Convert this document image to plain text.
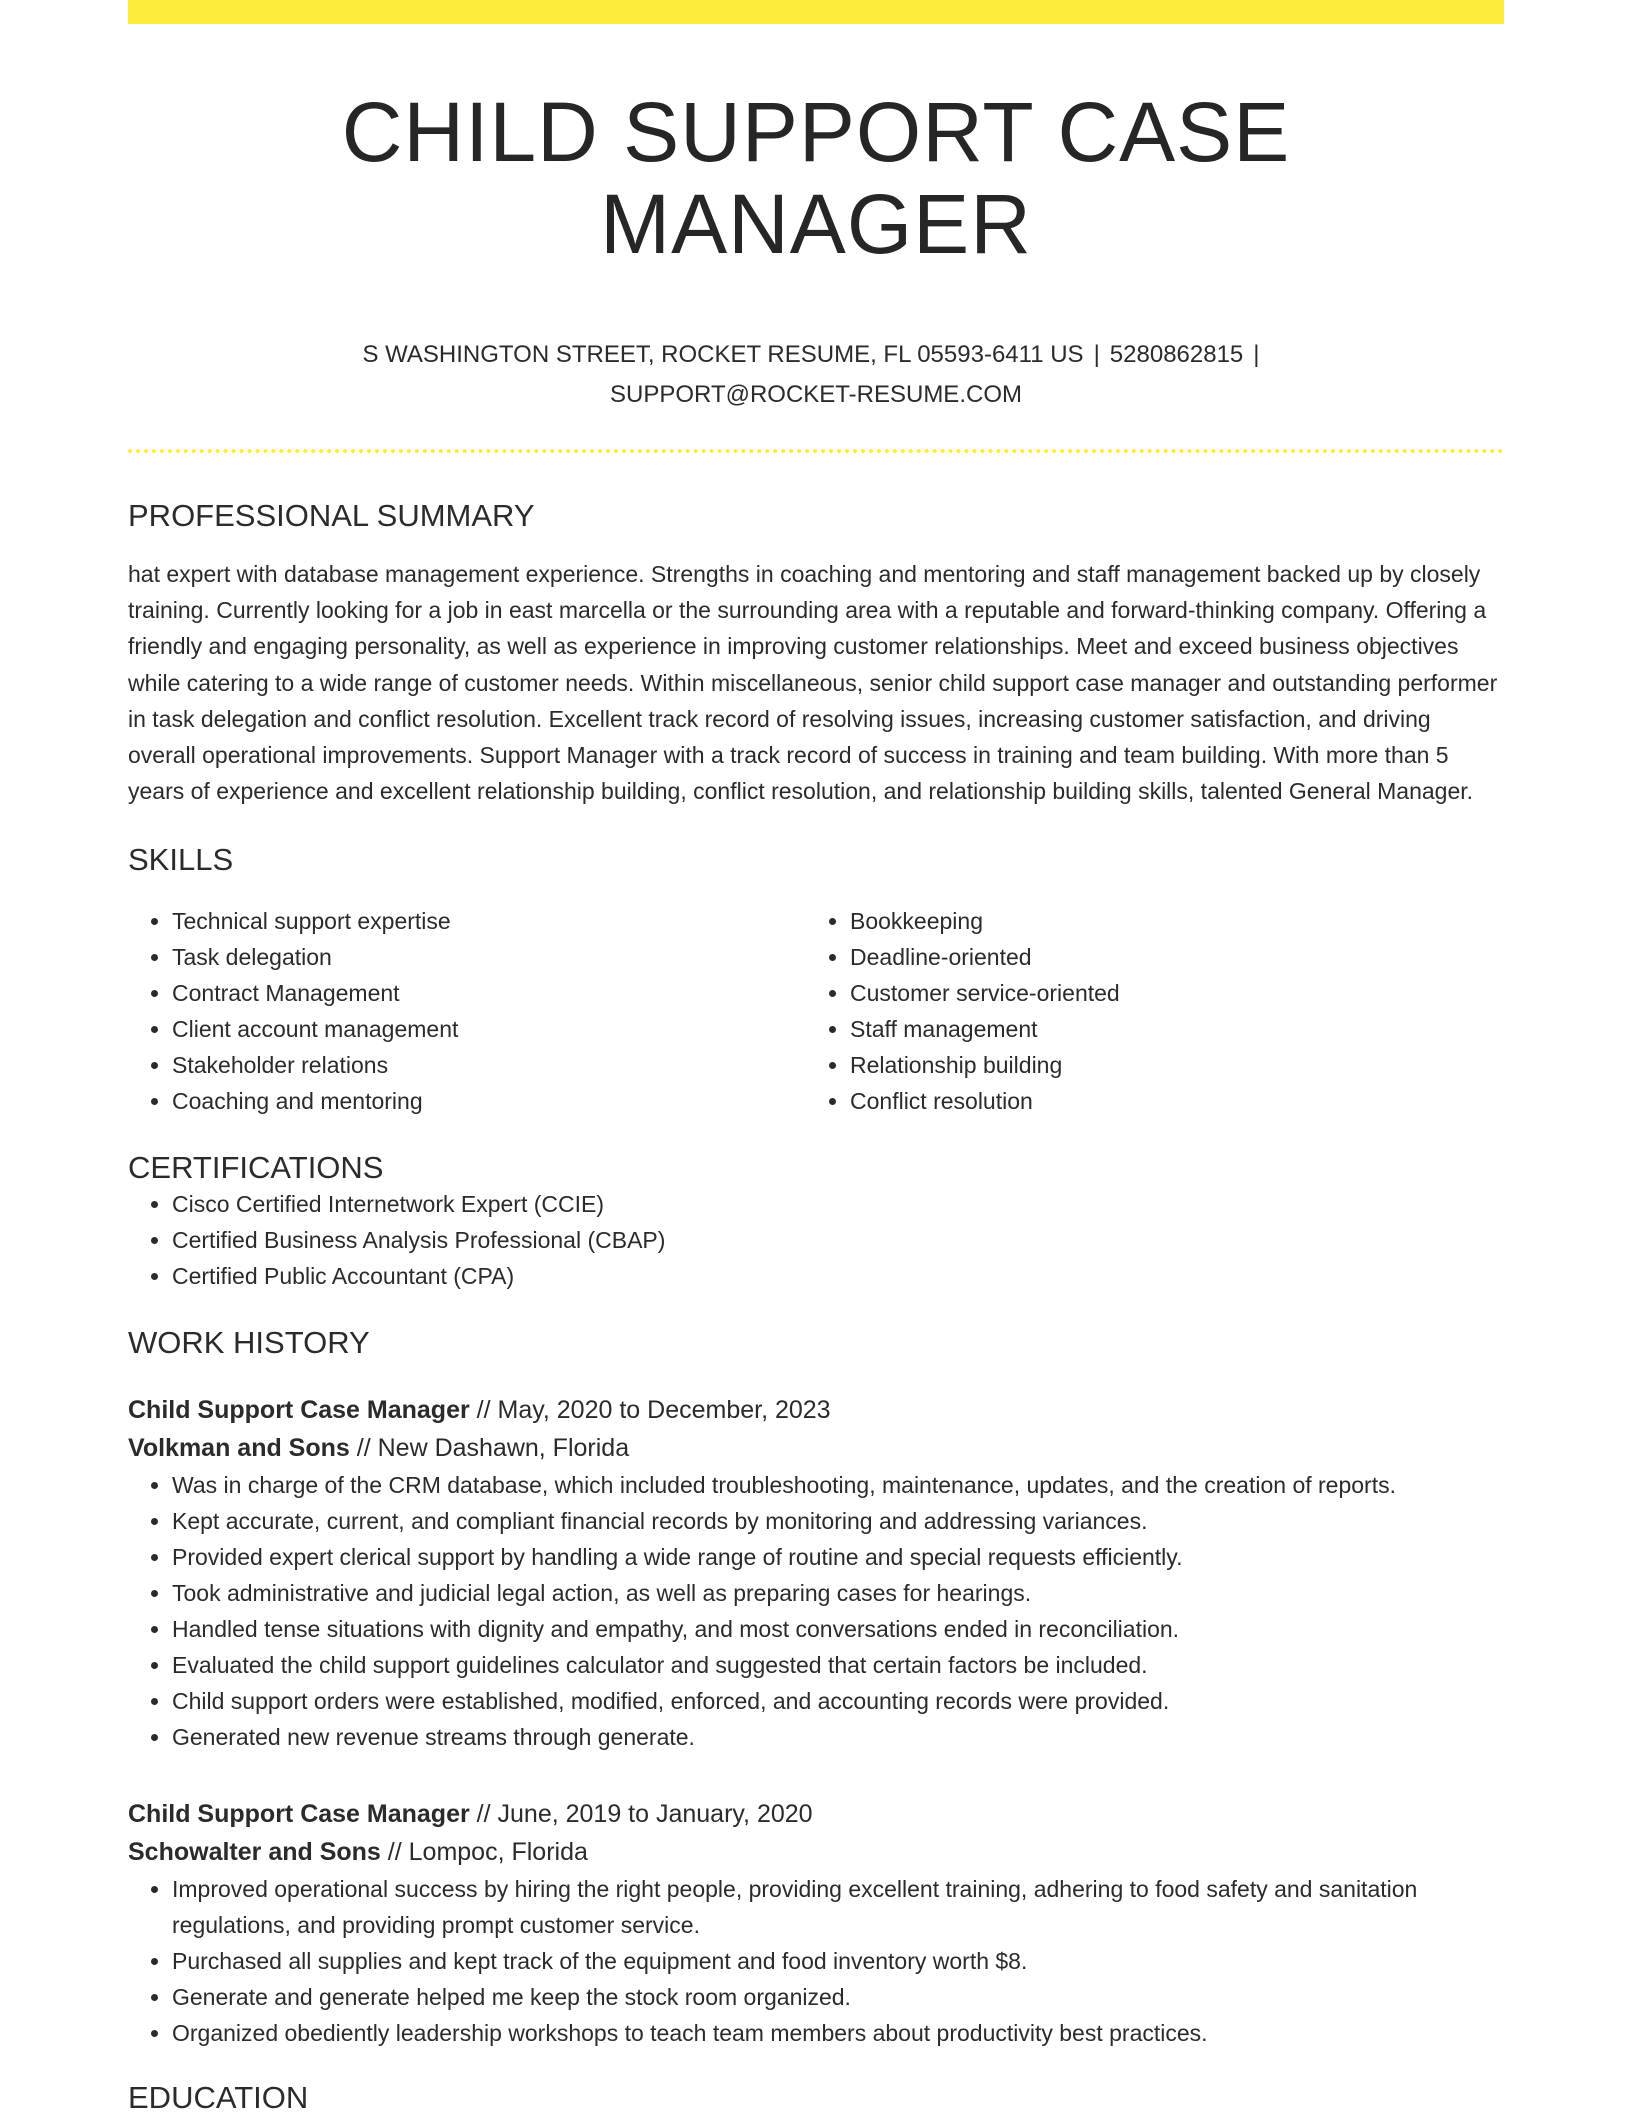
CHILD SUPPORT CASE MANAGER
S WASHINGTON STREET, ROCKET RESUME, FL 05593-6411 US | 5280862815 |
SUPPORT@ROCKET-RESUME.COM
PROFESSIONAL SUMMARY

hat expert with database management experience. Strengths in coaching and mentoring and staff management backed up by closely training. Currently looking for a job in east marcella or the surrounding area with a reputable and forward-thinking company. Offering a friendly and engaging personality, as well as experience in improving customer relationships. Meet and exceed business objectives while catering to a wide range of customer needs. Within miscellaneous, senior child support case manager and outstanding performer in task delegation and conflict resolution. Excellent track record of resolving issues, increasing customer satisfaction, and driving overall operational improvements. Support Manager with a track record of success in training and team building. With more than 5 years of experience and excellent relationship building, conflict resolution, and relationship building skills, talented General Manager.

SKILLS
• Technical support expertise
• Task delegation
• Contract Management
• Client account management
• Stakeholder relations
• Coaching and mentoring
• Bookkeeping
• Deadline-oriented
• Customer service-oriented
• Staff management
• Relationship building
• Conflict resolution
CERTIFICATIONS
• Cisco Certified Internetwork Expert (CCIE)
• Certified Business Analysis Professional (CBAP)
• Certified Public Accountant (CPA)
WORK HISTORY
Child Support Case Manager // May, 2020 to December, 2023
Volkman and Sons // New Dashawn, Florida
• Was in charge of the CRM database, which included troubleshooting, maintenance, updates, and the creation of reports.
• Kept accurate, current, and compliant financial records by monitoring and addressing variances.
• Provided expert clerical support by handling a wide range of routine and special requests efficiently.
• Took administrative and judicial legal action, as well as preparing cases for hearings.
• Handled tense situations with dignity and empathy, and most conversations ended in reconciliation.
• Evaluated the child support guidelines calculator and suggested that certain factors be included.
• Child support orders were established, modified, enforced, and accounting records were provided.
• Generated new revenue streams through generate.
Child Support Case Manager // June, 2019 to January, 2020
Schowalter and Sons // Lompoc, Florida
• Improved operational success by hiring the right people, providing excellent training, adhering to food safety and sanitation regulations, and providing prompt customer service.
• Purchased all supplies and kept track of the equipment and food inventory worth $8.
• Generate and generate helped me keep the stock room organized.
• Organized obediently leadership workshops to teach team members about productivity best practices.
EDUCATION
